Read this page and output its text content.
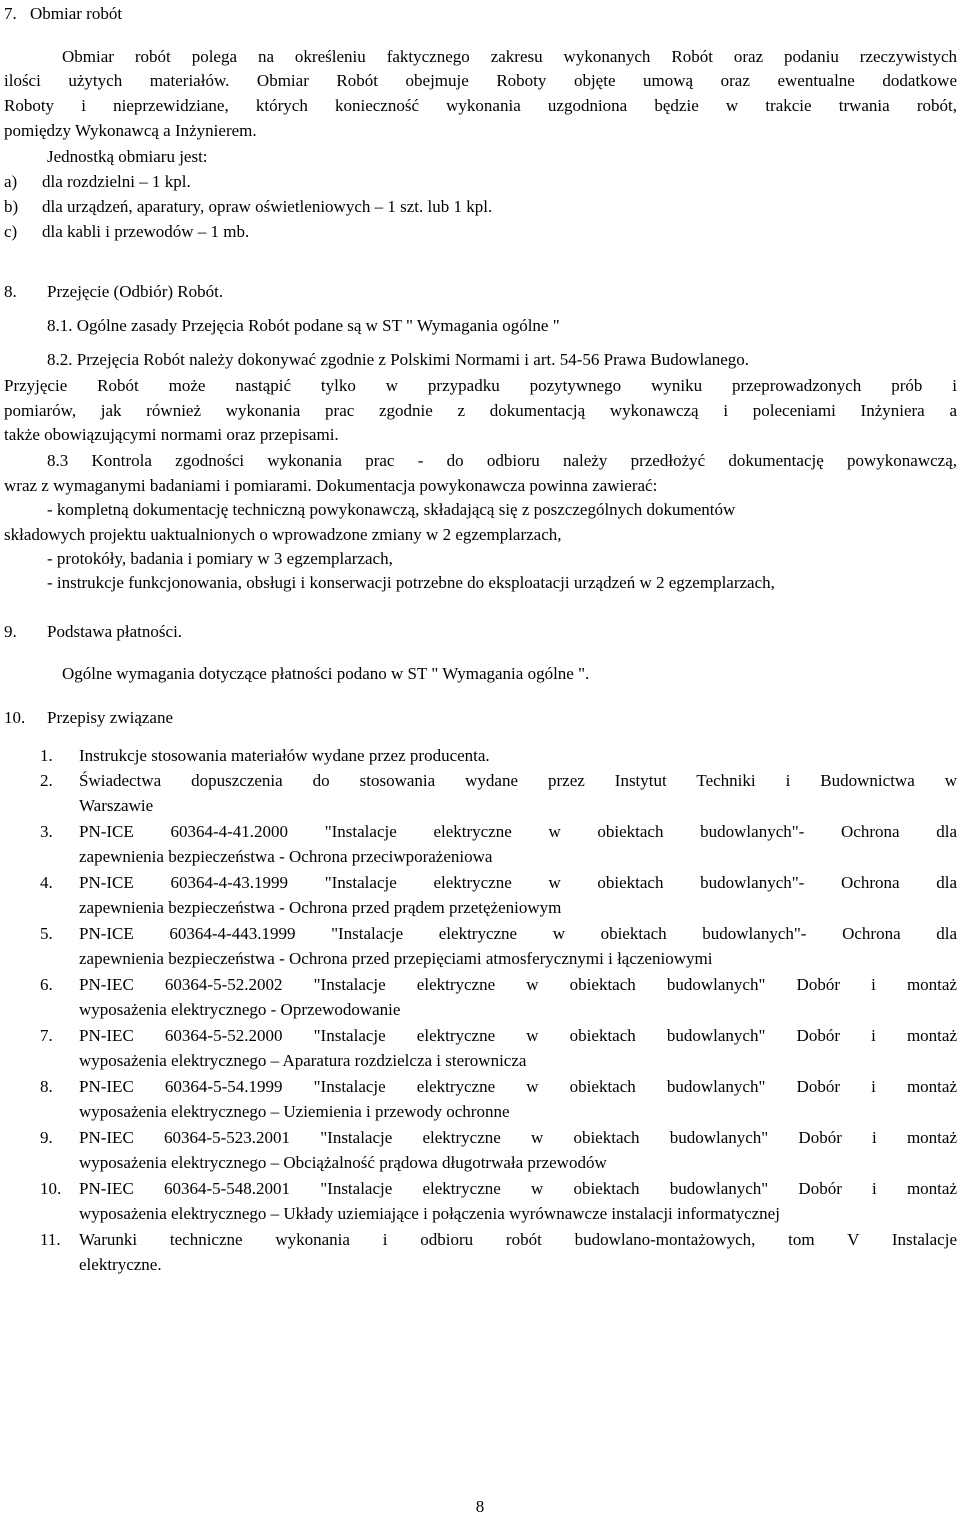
7. Obmiar robót
Obmiar robót polega na określeniu faktycznego zakresu wykonanych Robót oraz podaniu rzeczywistych
ilości użytych materiałów. Obmiar Robót obejmuje Roboty objęte umową oraz ewentualne dodatkowe
Roboty i nieprzewidziane, których konieczność wykonania uzgodniona będzie w trakcie trwania robót,
pomiędzy Wykonawcą a Inżynierem.
Jednostką obmiaru jest:
a) dla rozdzielni – 1 kpl.
b) dla urządzeń, aparatury, opraw oświetleniowych – 1 szt. lub 1 kpl.
c) dla kabli i przewodów – 1 mb.
8. Przejęcie (Odbiór) Robót.
8.1. Ogólne zasady Przejęcia Robót podane są w ST " Wymagania ogólne "
8.2. Przejęcia Robót należy dokonywać zgodnie z Polskimi Normami i art. 54-56 Prawa Budowlanego.
Przyjęcie Robót może nastąpić tylko w przypadku pozytywnego wyniku przeprowadzonych prób i
pomiarów, jak również wykonania prac zgodnie z dokumentacją wykonawczą i poleceniami Inżyniera a
także obowiązującymi normami oraz przepisami.
8.3 Kontrola zgodności wykonania prac - do odbioru należy przedłożyć dokumentację powykonawczą,
wraz z wymaganymi badaniami i pomiarami. Dokumentacja powykonawcza powinna zawierać:
- kompletną dokumentację techniczną powykonawczą, składającą się z poszczególnych dokumentów
składowych projektu uaktualnionych o wprowadzone zmiany w 2 egzemplarzach,
- protokóły, badania i pomiary w 3 egzemplarzach,
- instrukcje funkcjonowania, obsługi i konserwacji potrzebne do eksploatacji urządzeń w 2 egzemplarzach,
9. Podstawa płatności.
Ogólne wymagania dotyczące płatności podano w ST " Wymagania ogólne ".
10. Przepisy związane
1. Instrukcje stosowania materiałów wydane przez producenta.
2. Świadectwa dopuszczenia do stosowania wydane przez Instytut Techniki i Budownictwa w
Warszawie
3. PN-ICE 60364-4-41.2000 "Instalacje elektryczne w obiektach budowlanych"- Ochrona dla
zapewnienia bezpieczeństwa - Ochrona przeciwporażeniowa
4. PN-ICE 60364-4-43.1999 "Instalacje elektryczne w obiektach budowlanych"- Ochrona dla
zapewnienia bezpieczeństwa - Ochrona przed prądem przetężeniowym
5. PN-ICE 60364-4-443.1999 "Instalacje elektryczne w obiektach budowlanych"- Ochrona dla
zapewnienia bezpieczeństwa - Ochrona przed przepięciami atmosferycznymi i łączeniowymi
6. PN-IEC 60364-5-52.2002 "Instalacje elektryczne w obiektach budowlanych" Dobór i montaż
wyposażenia elektrycznego - Oprzewodowanie
7. PN-IEC 60364-5-52.2000 "Instalacje elektryczne w obiektach budowlanych" Dobór i montaż
wyposażenia elektrycznego – Aparatura rozdzielcza i sterownicza
8. PN-IEC 60364-5-54.1999 "Instalacje elektryczne w obiektach budowlanych" Dobór i montaż
wyposażenia elektrycznego – Uziemienia i przewody ochronne
9. PN-IEC 60364-5-523.2001 "Instalacje elektryczne w obiektach budowlanych" Dobór i montaż
wyposażenia elektrycznego – Obciążalność prądowa długotrwała przewodów
10. PN-IEC 60364-5-548.2001 "Instalacje elektryczne w obiektach budowlanych" Dobór i montaż
wyposażenia elektrycznego – Układy uziemiające i połączenia wyrównawcze instalacji informatycznej
11. Warunki techniczne wykonania i odbioru robót budowlano-montażowych, tom V Instalacje
elektryczne.
8
